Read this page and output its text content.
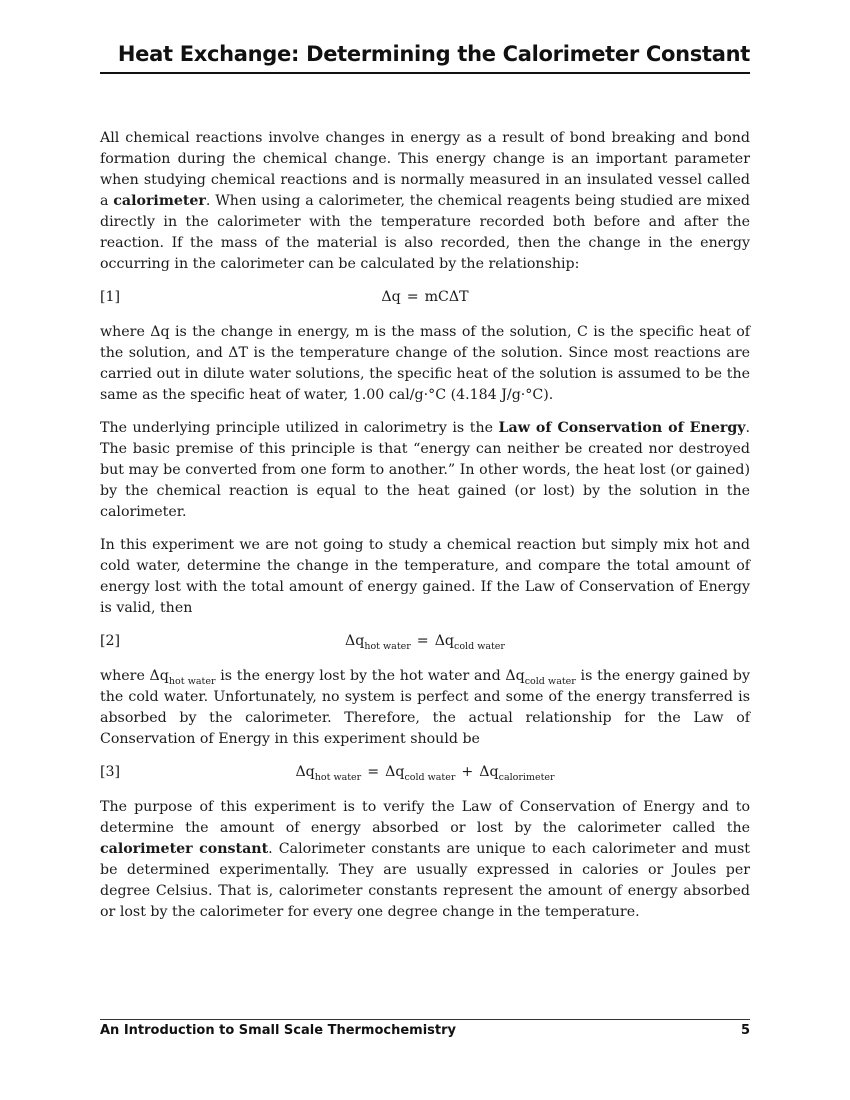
Heat Exchange: Determining the Calorimeter Constant

All chemical reactions involve changes in energy as a result of bond breaking and bond formation during the chemical change. This energy change is an important parameter when studying chemical reactions and is normally measured in an insulated vessel called a calorimeter. When using a calorimeter, the chemical reagents being studied are mixed directly in the calorimeter with the temperature recorded both before and after the reaction. If the mass of the material is also recorded, then the change in the energy occurring in the calorimeter can be calculated by the relationship:

[1]	Δq = mCΔT

where Δq is the change in energy, m is the mass of the solution, C is the specific heat of the solution, and ΔT is the temperature change of the solution. Since most reactions are carried out in dilute water solutions, the specific heat of the solution is assumed to be the same as the specific heat of water, 1.00 cal/g·°C (4.184 J/g·°C).

The underlying principle utilized in calorimetry is the Law of Conservation of Energy. The basic premise of this principle is that “energy can neither be created nor destroyed but may be converted from one form to another.” In other words, the heat lost (or gained) by the chemical reaction is equal to the heat gained (or lost) by the solution in the calorimeter.

In this experiment we are not going to study a chemical reaction but simply mix hot and cold water, determine the change in the temperature, and compare the total amount of energy lost with the total amount of energy gained. If the Law of Conservation of Energy is valid, then

[2]	$\Delta q_{hot water} = \Delta q_{cold water}$

where $\Delta q_{hot water}$ is the energy lost by the hot water and $\Delta q_{cold water}$ is the energy gained by the cold water. Unfortunately, no system is perfect and some of the energy transferred is absorbed by the calorimeter. Therefore, the actual relationship for the Law of Conservation of Energy in this experiment should be

[3]	$\Delta q_{hot water} = \Delta q_{cold water} + \Delta q_{calorimeter}$

The purpose of this experiment is to verify the Law of Conservation of Energy and to determine the amount of energy absorbed or lost by the calorimeter called the calorimeter constant. Calorimeter constants are unique to each calorimeter and must be determined experimentally. They are usually expressed in calories or Joules per degree Celsius. That is, calorimeter constants represent the amount of energy absorbed or lost by the calorimeter for every one degree change in the temperature.

An Introduction to Small Scale Thermochemistry	5
